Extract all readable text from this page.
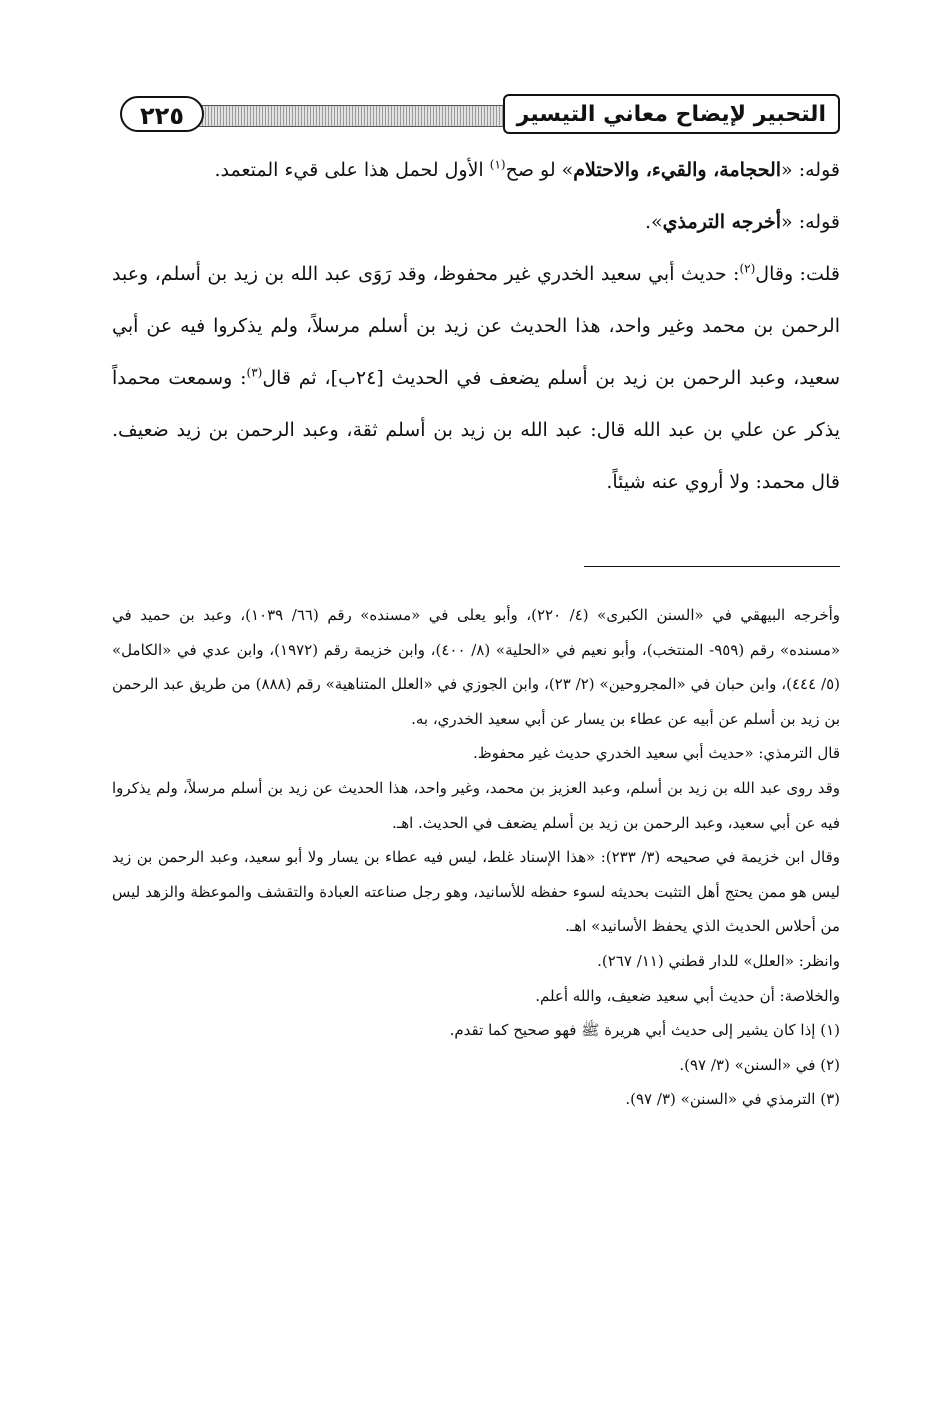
٢٢٥	التحبير لإيضاح معاني التيسير

قوله: «الحجامة، والقيء، والاحتلام» لو صح$^{(١)}$ الأول لحمل هذا على قيء المتعمد.

قوله: «أخرجه الترمذي».

قلت: وقال$^{(٢)}$: حديث أبي سعيد الخدري غير محفوظ، وقد رَوَى عبد الله بن زيد بن أسلم، وعبد الرحمن بن محمد وغير واحد، هذا الحديث عن زيد بن أسلم مرسلاً، ولم يذكروا فيه عن أبي سعيد، وعبد الرحمن بن زيد بن أسلم يضعف في الحديث [٢٤ب]، ثم قال$^{(٣)}$: وسمعت محمداً يذكر عن علي بن عبد الله قال: عبد الله بن زيد بن أسلم ثقة، وعبد الرحمن بن زيد ضعيف. قال محمد: ولا أروي عنه شيئاً.

وأخرجه البيهقي في «السنن الكبرى» (٤/ ٢٢٠)، وأبو يعلى في «مسنده» رقم (٦٦/ ١٠٣٩)، وعبد بن حميد في «مسنده» رقم (٩٥٩- المنتخب)، وأبو نعيم في «الحلية» (٨/ ٤٠٠)، وابن خزيمة رقم (١٩٧٢)، وابن عدي في «الكامل» (٥/ ٤٤٤)، وابن حبان في «المجروحين» (٢/ ٢٣)، وابن الجوزي في «العلل المتناهية» رقم (٨٨٨) من طريق عبد الرحمن بن زيد بن أسلم عن أبيه عن عطاء بن يسار عن أبي سعيد الخدري، به.

قال الترمذي: «حديث أبي سعيد الخدري حديث غير محفوظ.

وقد روى عبد الله بن زيد بن أسلم، وعبد العزيز بن محمد، وغير واحد، هذا الحديث عن زيد بن أسلم مرسلاً، ولم يذكروا فيه عن أبي سعيد، وعبد الرحمن بن زيد بن أسلم يضعف في الحديث. اهـ.

وقال ابن خزيمة في صحيحه (٣/ ٢٣٣): «هذا الإسناد غلط، ليس فيه عطاء بن يسار ولا أبو سعيد، وعبد الرحمن بن زيد ليس هو ممن يحتج أهل التثبت بحديثه لسوء حفظه للأسانيد، وهو رجل صناعته العبادة والتقشف والموعظة والزهد ليس من أحلاس الحديث الذي يحفظ الأسانيد» اهـ.

وانظر: «العلل» للدار قطني (١١/ ٢٦٧).

والخلاصة: أن حديث أبي سعيد ضعيف، والله أعلم.

(١) إذا كان يشير إلى حديث أبي هريرة ﷺ فهو صحيح كما تقدم.

(٢) في «السنن» (٣/ ٩٧).

(٣) الترمذي في «السنن» (٣/ ٩٧).
